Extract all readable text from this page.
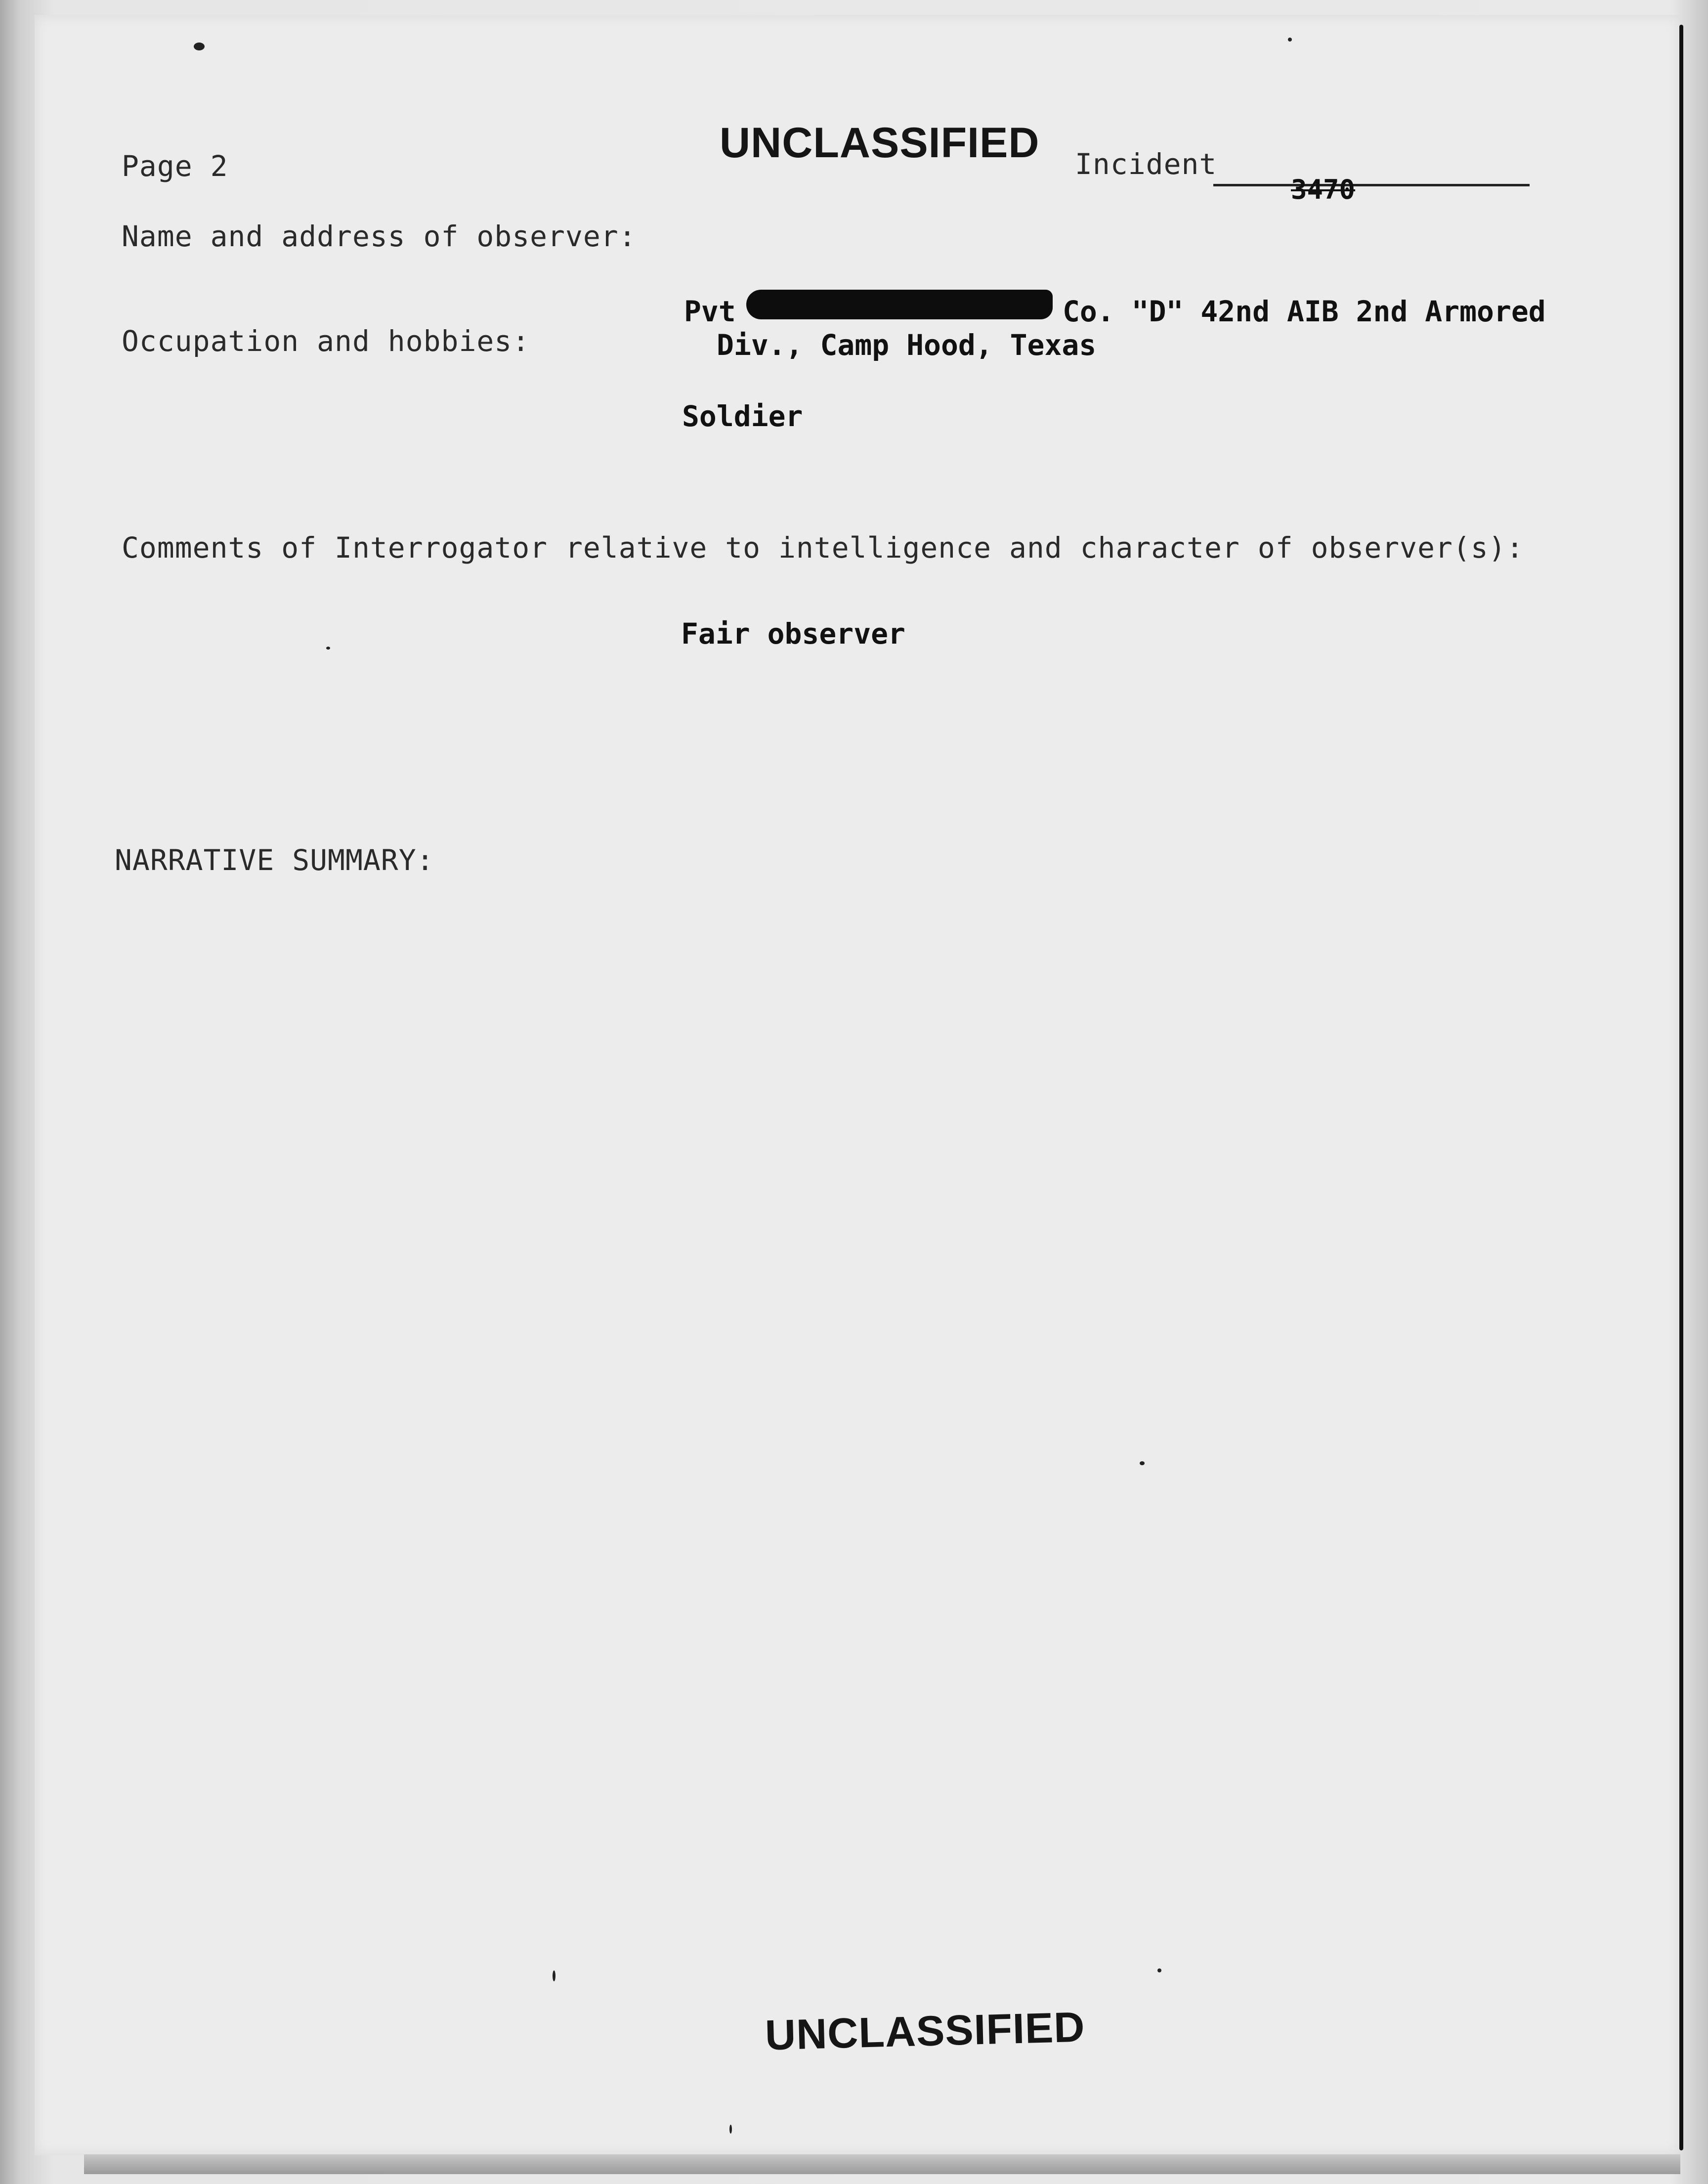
Page 2	UNCLASSIFIED Incident
3470
Name and address of observer:
Pvt	Co. "D" 42nd AIB 2nd Armored
Div., Camp Hood, Texas
Occupation and hobbies:
Soldier
Comments of Interrogator relative to intelligence and character of observer(s):
Fair observer
NARRATIVE SUMMARY:
UNCLASSIFIED
